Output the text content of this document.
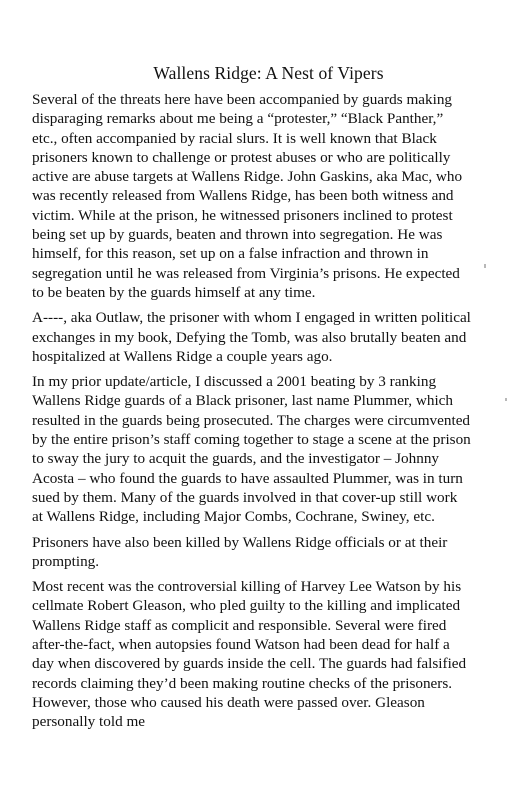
Wallens Ridge: A Nest of Vipers

Several of the threats here have been accompanied by guards making disparaging remarks about me being a “protester,” “Black Panther,” etc., often accompanied by racial slurs. It is well known that Black prisoners known to challenge or protest abuses or who are politically active are abuse targets at Wallens Ridge. John Gaskins, aka Mac, who was recently released from Wallens Ridge, has been both witness and victim. While at the prison, he witnessed prisoners inclined to protest being set up by guards, beaten and thrown into segregation. He was himself, for this reason, set up on a false infraction and thrown in segregation until he was released from Virginia’s prisons. He expected to be beaten by the guards himself at any time.

A----, aka Outlaw, the prisoner with whom I engaged in written political exchanges in my book, Defying the Tomb, was also brutally beaten and hospitalized at Wallens Ridge a couple years ago.

In my prior update/article, I discussed a 2001 beating by 3 ranking Wallens Ridge guards of a Black prisoner, last name Plummer, which resulted in the guards being prosecuted. The charges were circumvented by the entire prison’s staff coming together to stage a scene at the prison to sway the jury to acquit the guards, and the investigator – Johnny Acosta – who found the guards to have assaulted Plummer, was in turn sued by them. Many of the guards involved in that cover-up still work at Wallens Ridge, including Major Combs, Cochrane, Swiney, etc.

Prisoners have also been killed by Wallens Ridge officials or at their prompting.

Most recent was the controversial killing of Harvey Lee Watson by his cellmate Robert Gleason, who pled guilty to the killing and implicated Wallens Ridge staff as complicit and responsible. Several were fired after-the-fact, when autopsies found Watson had been dead for half a day when discovered by guards inside the cell. The guards had falsified records claiming they’d been making routine checks of the prisoners. However, those who caused his death were passed over. Gleason personally told me
